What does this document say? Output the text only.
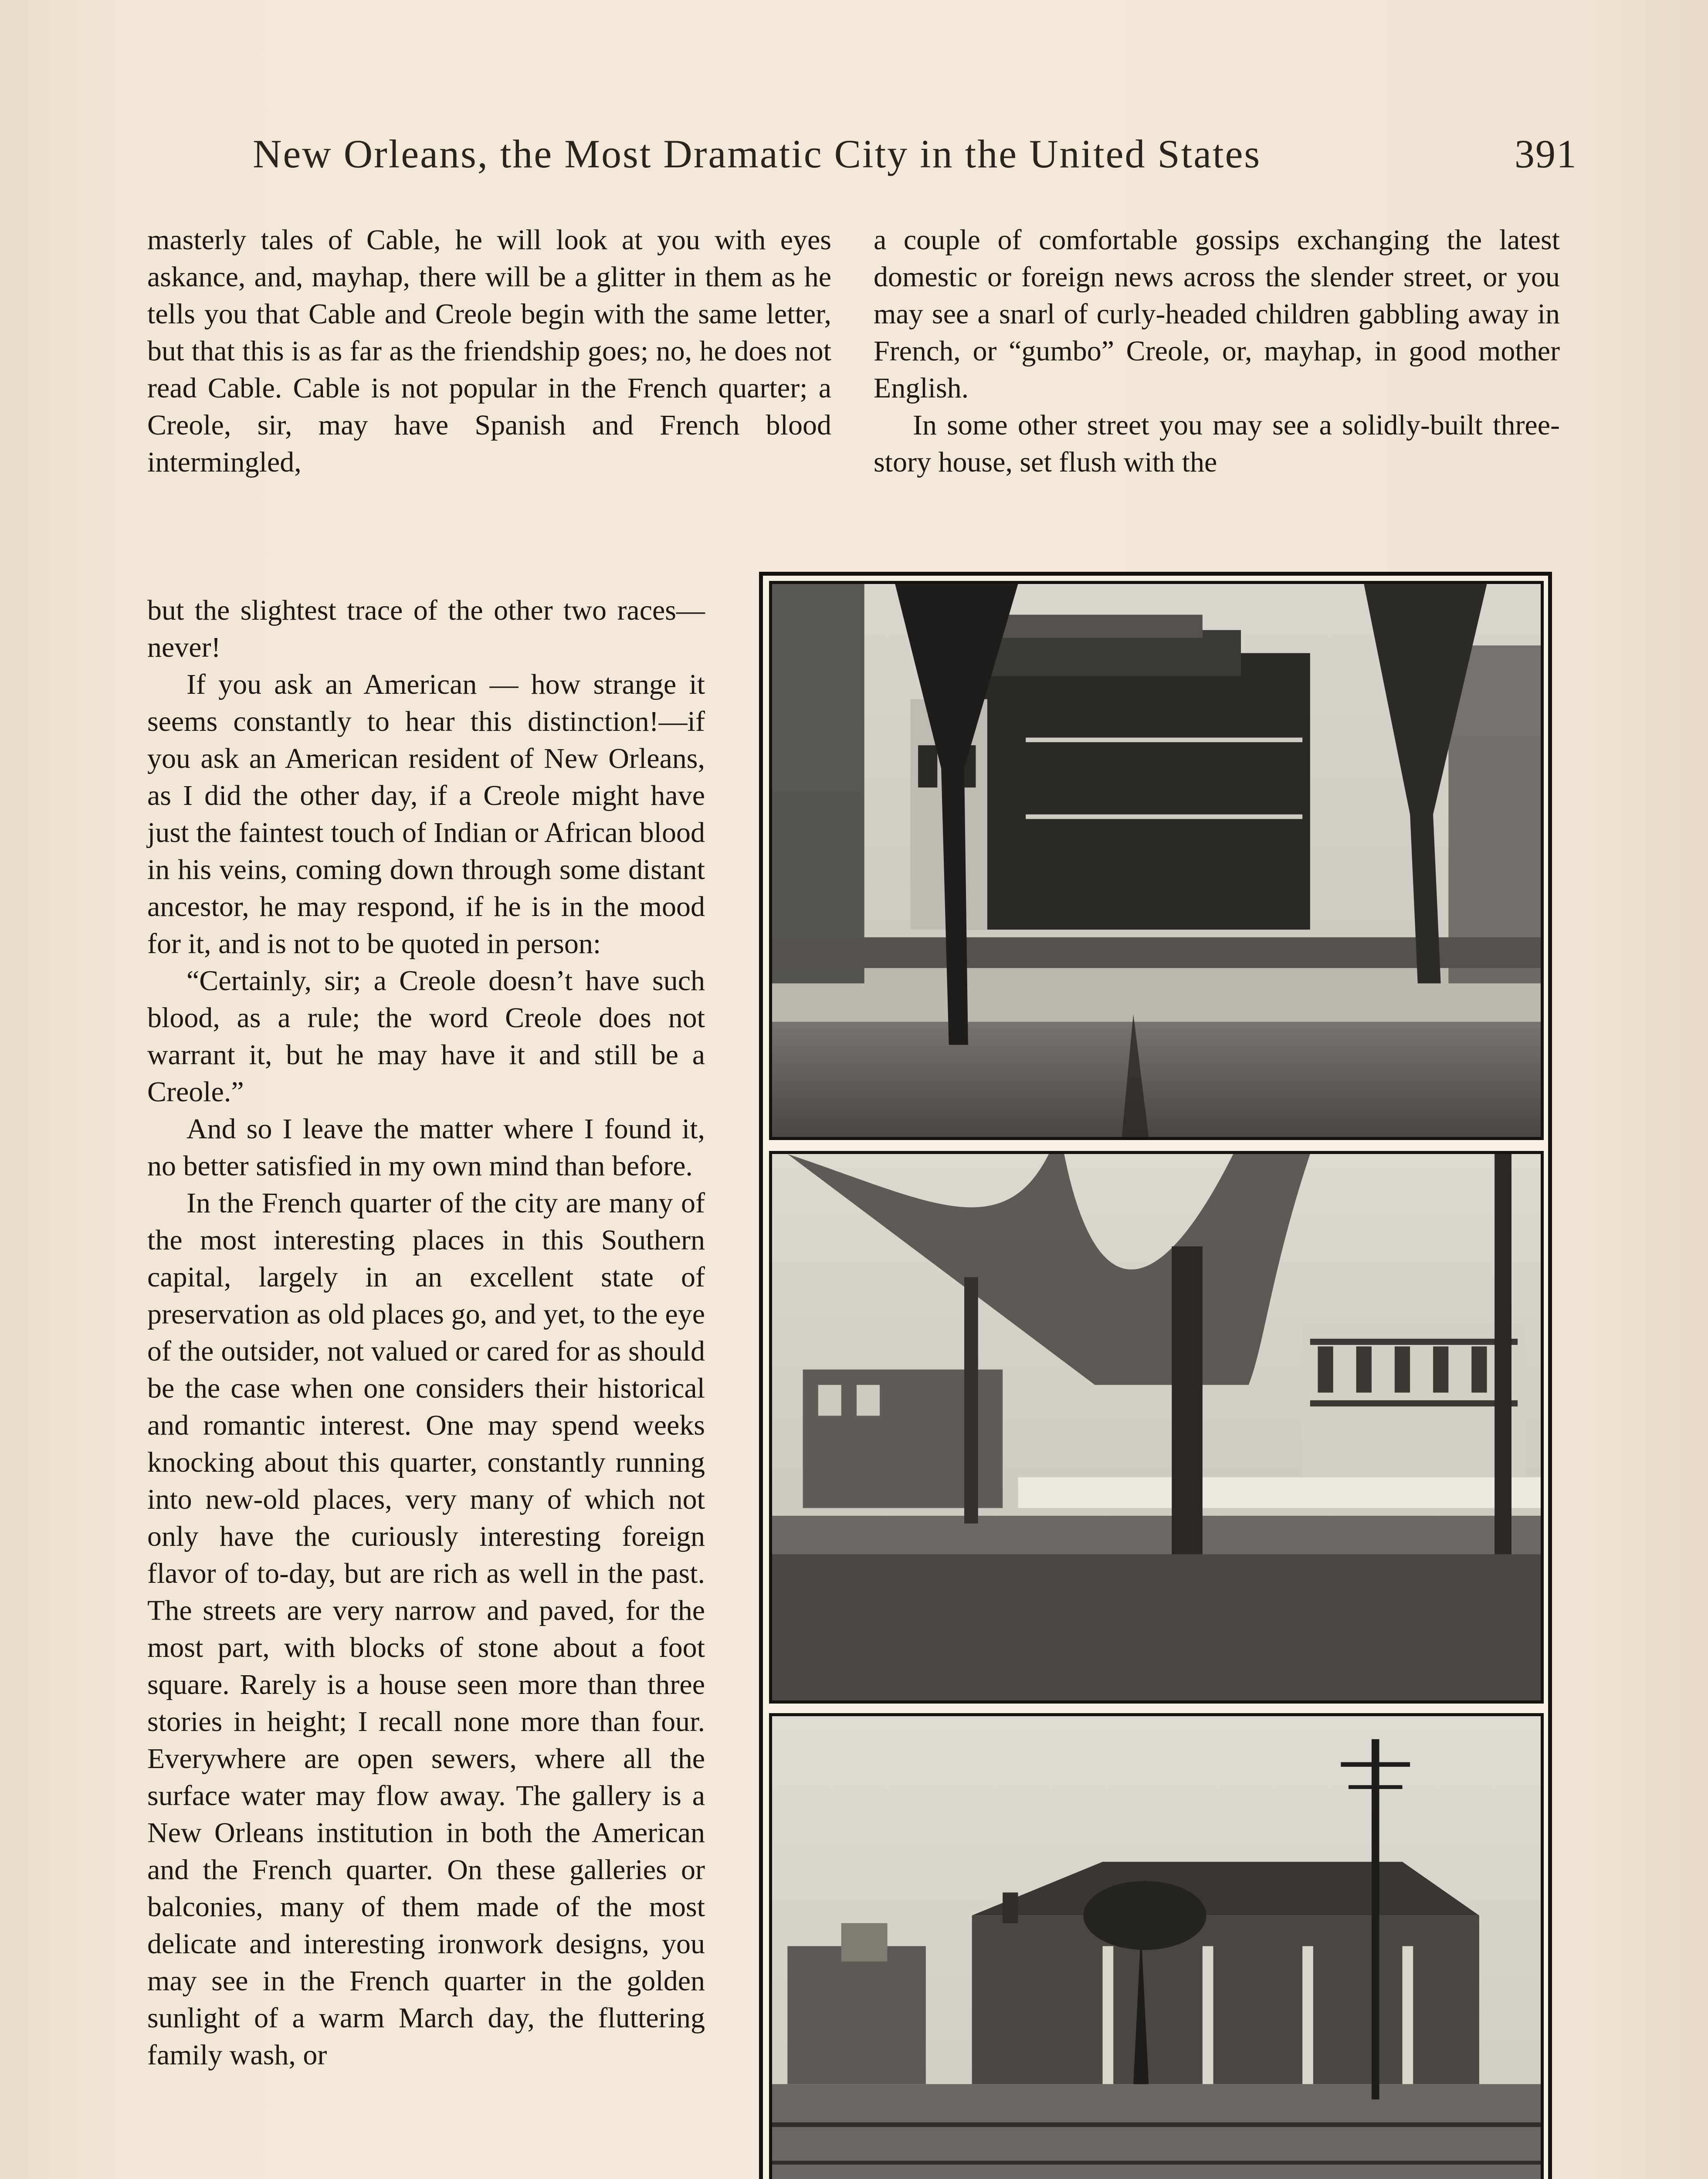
New Orleans, the Most Dramatic City in the United States	391

masterly tales of Cable, he will look at you with eyes askance, and, mayhap, there will be a glitter in them as he tells you that Cable and Creole begin with the same letter, but that this is as far as the friendship goes; no, he does not read Cable. Cable is not popular in the French quarter; a Creole, sir, may have Spanish and French blood intermingled,

but the slightest trace of the other two races—never!

If you ask an American — how strange it seems constantly to hear this distinction!—if you ask an American resident of New Orleans, as I did the other day, if a Creole might have just the faintest touch of Indian or African blood in his veins, coming down through some distant ancestor, he may respond, if he is in the mood for it, and is not to be quoted in person:

“Certainly, sir; a Creole doesn’t have such blood, as a rule; the word Creole does not warrant it, but he may have it and still be a Creole.”

And so I leave the matter where I found it, no better satisfied in my own mind than before.

In the French quarter of the city are many of the most interesting places in this Southern capital, largely in an excellent state of preservation as old places go, and yet, to the eye of the outsider, not valued or cared for as should be the case when one considers their historical and romantic interest. One may spend weeks knocking about this quarter, constantly running into new-old places, very many of which not only have the curiously interesting foreign flavor of to-day, but are rich as well in the past. The streets are very narrow and paved, for the most part, with blocks of stone about a foot square. Rarely is a house seen more than three stories in height; I recall none more than four. Everywhere are open sewers, where all the surface water may flow away. The gallery is a New Orleans institution in both the American and the French quarter. On these galleries or balconies, many of them made of the most delicate and interesting ironwork designs, you may see in the French quarter in the golden sunlight of a warm March day, the fluttering family wash, or

a couple of comfortable gossips exchanging the latest domestic or foreign news across the slender street, or you may see a snarl of curly-headed children gabbling away in French, or “gumbo” Creole, or, mayhap, in good mother English.

In some other street you may see a solidly-built three-story house, set flush with the
